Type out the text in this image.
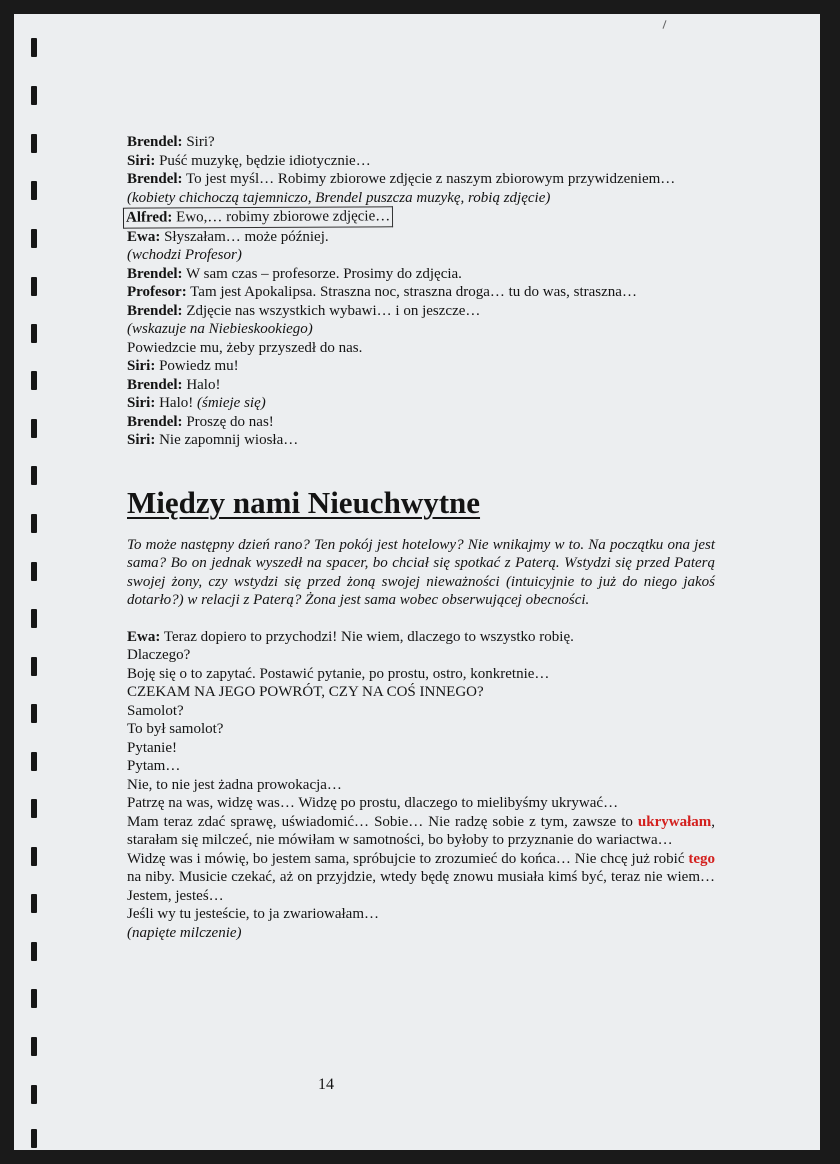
Brendel: Siri?

Siri: Puść muzykę, będzie idiotycznie…

Brendel: To jest myśl… Robimy zbiorowe zdjęcie z naszym zbiorowym przywidzeniem…

(kobiety chichoczą tajemniczo, Brendel puszcza muzykę, robią zdjęcie)

Alfred: Ewo,… robimy zbiorowe zdjęcie…

Ewa: Słyszałam… może później.

(wchodzi Profesor)

Brendel: W sam czas – profesorze. Prosimy do zdjęcia.

Profesor: Tam jest Apokalipsa. Straszna noc, straszna droga… tu do was, straszna…

Brendel: Zdjęcie nas wszystkich wybawi… i on jeszcze…

(wskazuje na Niebieskookiego)

Powiedzcie mu, żeby przyszedł do nas.

Siri: Powiedz mu!

Brendel: Halo!

Siri: Halo! (śmieje się)

Brendel: Proszę do nas!

Siri: Nie zapomnij wiosła…

Między nami Nieuchwytne

To może następny dzień rano? Ten pokój jest hotelowy? Nie wnikajmy w to. Na początku ona jest sama? Bo on jednak wyszedł na spacer, bo chciał się spotkać z Paterą. Wstydzi się przed Paterą swojej żony, czy wstydzi się przed żoną swojej nieważności (intuicyjnie to już do niego jakoś dotarło?) w relacji z Paterą? Żona jest sama wobec obserwującej obecności.

Ewa: Teraz dopiero to przychodzi! Nie wiem, dlaczego to wszystko robię.

Dlaczego?

Boję się o to zapytać. Postawić pytanie, po prostu, ostro, konkretnie…

CZEKAM NA JEGO POWRÓT, CZY NA COŚ INNEGO?

Samolot?

To był samolot?

Pytanie!

Pytam…

Nie, to nie jest żadna prowokacja…

Patrzę na was, widzę was… Widzę po prostu, dlaczego to mielibyśmy ukrywać…

Mam teraz zdać sprawę, uświadomić… Sobie… Nie radzę sobie z tym, zawsze to ukrywałam, starałam się milczeć, nie mówiłam w samotności, bo byłoby to przyznanie do wariactwa…

Widzę was i mówię, bo jestem sama, spróbujcie to zrozumieć do końca… Nie chcę już robić tego na niby. Musicie czekać, aż on przyjdzie, wtedy będę znowu musiała kimś być, teraz nie wiem… Jestem, jesteś…

Jeśli wy tu jesteście, to ja zwariowałam…

(napięte milczenie)

14
